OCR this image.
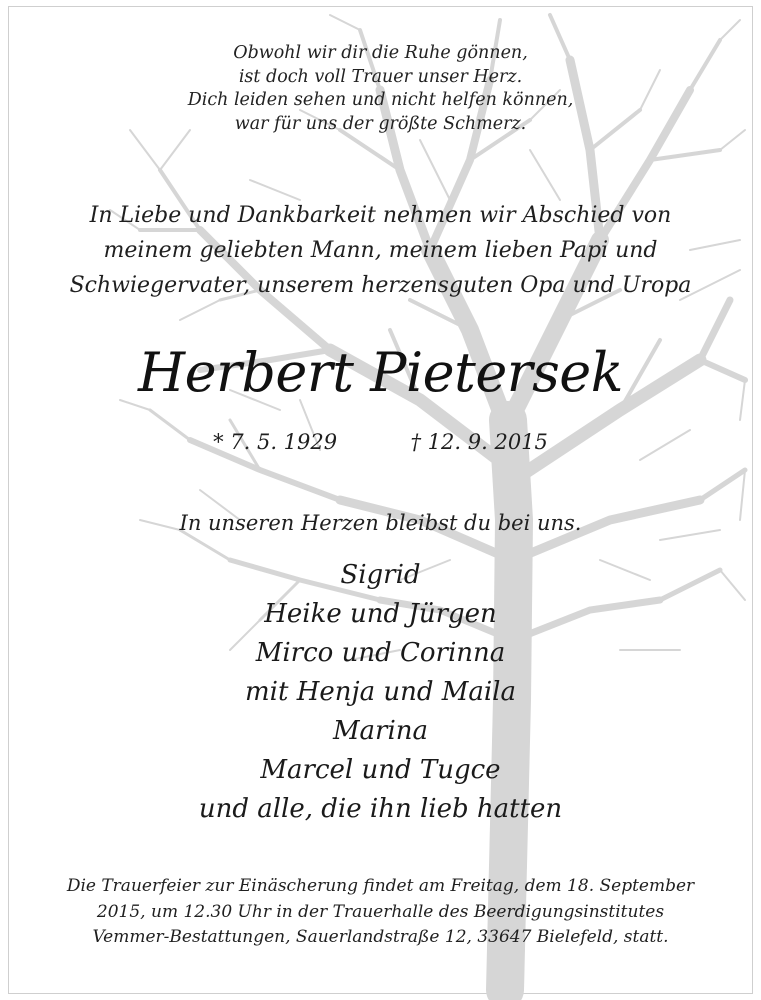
Obwohl wir dir die Ruhe gönnen,
ist doch voll Trauer unser Herz.
Dich leiden sehen und nicht helfen können,
war für uns der größte Schmerz.
In Liebe und Dankbarkeit nehmen wir Abschied von
meinem geliebten Mann, meinem lieben Papi und
Schwiegervater, unserem herzensguten Opa und Uropa
Herbert Pietersek
* 7. 5. 1929	† 12. 9. 2015
In unseren Herzen bleibst du bei uns.
Sigrid
Heike und Jürgen
Mirco und Corinna
mit Henja und Maila
Marina
Marcel und Tugce
und alle, die ihn lieb hatten
Die Trauerfeier zur Einäscherung findet am Freitag, dem 18. September
2015, um 12.30 Uhr in der Trauerhalle des Beerdigungsinstitutes
Vemmer-Bestattungen, Sauerlandstraße 12, 33647 Bielefeld, statt.
